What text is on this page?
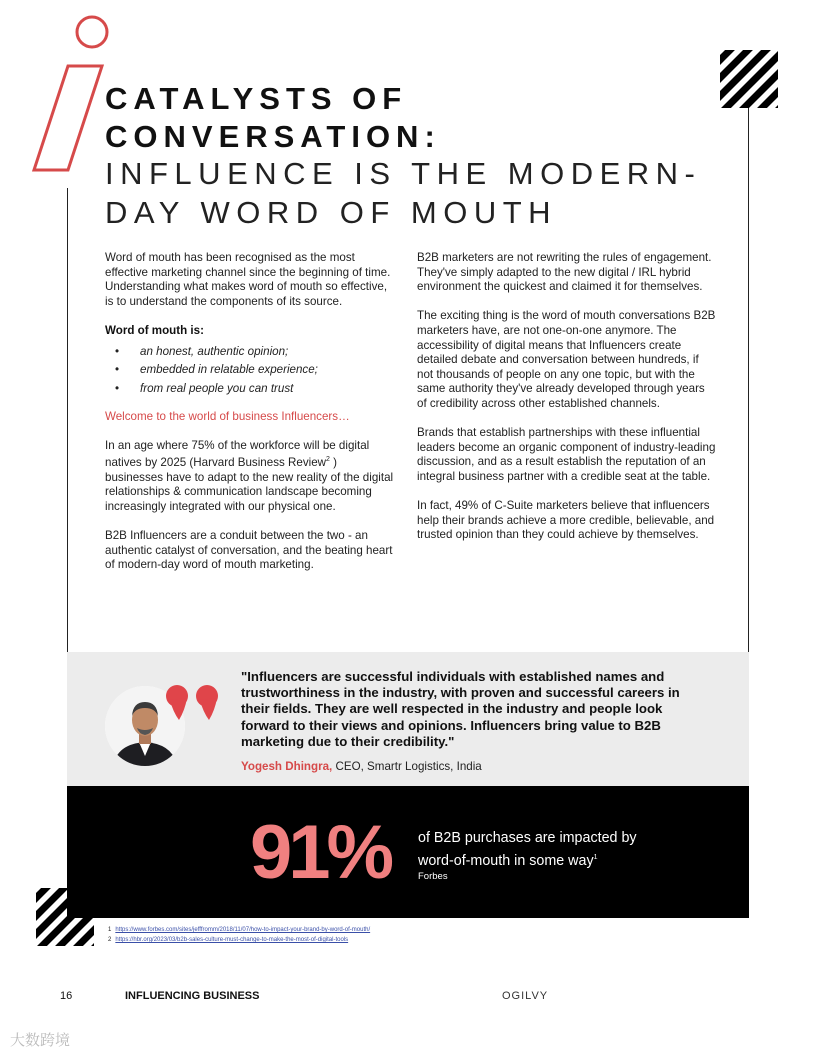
CATALYSTS OF
CONVERSATION:
INFLUENCE IS THE MODERN-
DAY WORD OF MOUTH

Word of mouth has been recognised as the most effective marketing channel since the beginning of time. Understanding what makes word of mouth so effective, is to understand the components of its source.

Word of mouth is:

• an honest, authentic opinion;
• embedded in relatable experience;
• from real people you can trust

Welcome to the world of business Influencers…

In an age where 75% of the workforce will be digital natives by 2025 (Harvard Business Review$^2$ ) businesses have to adapt to the new reality of the digital relationships & communication landscape becoming increasingly integrated with our physical one.

B2B Influencers are a conduit between the two - an authentic catalyst of conversation, and the beating heart of modern-day word of mouth marketing.

B2B marketers are not rewriting the rules of engagement. They've simply adapted to the new digital / IRL hybrid environment the quickest and claimed it for themselves.

The exciting thing is the word of mouth conversations B2B marketers have, are not one-on-one anymore. The accessibility of digital means that Influencers create detailed debate and conversation between hundreds, if not thousands of people on any one topic, but with the same authority they've already developed through years of credibility across other established channels.

Brands that establish partnerships with these influential leaders become an organic component of industry-leading discussion, and as a result establish the reputation of an integral business partner with a credible seat at the table.

In fact, 49% of C-Suite marketers believe that influencers help their brands achieve a more credible, believable, and trusted opinion than they could achieve by themselves.

"Influencers are successful individuals with established names and trustworthiness in the industry, with proven and successful careers in their fields. They are well respected in the industry and people look forward to their views and opinions. Influencers bring value to B2B marketing due to their credibility."

Yogesh Dhingra, CEO, Smartr Logistics, India

91% of B2B purchases are impacted by word-of-mouth in some way$^1$

Forbes

1 https://www.forbes.com/sites/jefffromm/2018/11/07/how-to-impact-your-brand-by-word-of-mouth/
2 https://hbr.org/2023/03/b2b-sales-culture-must-change-to-make-the-most-of-digital-tools
16	INFLUENCING BUSINESS	OGILVY
大数跨境
